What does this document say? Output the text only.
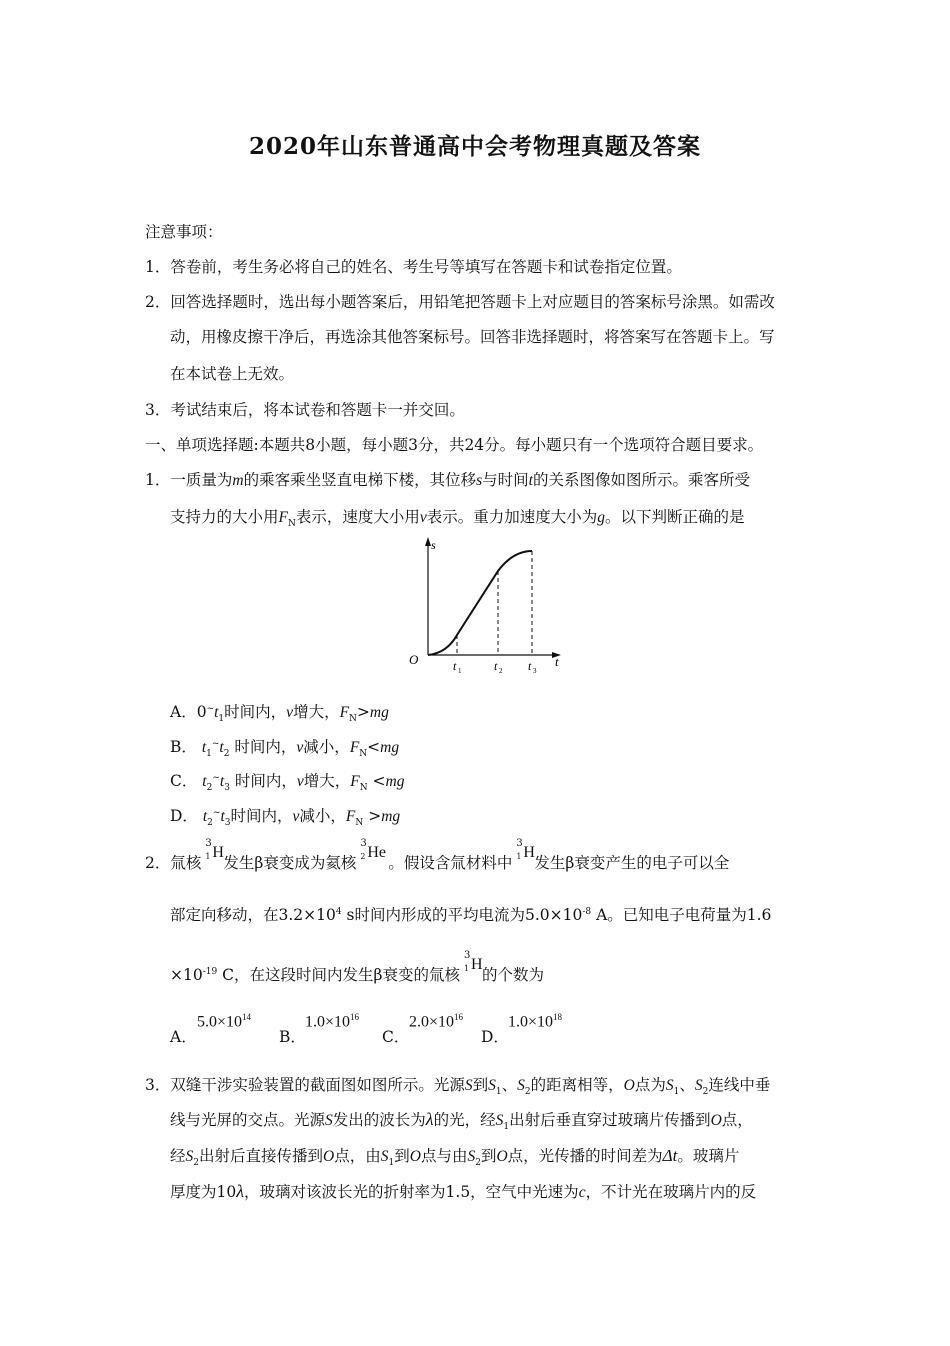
2020年山东普通高中会考物理真题及答案
注意事项：
1．答卷前，考生务必将自己的姓名、考生号等填写在答题卡和试卷指定位置。
2．回答选择题时，选出每小题答案后，用铅笔把答题卡上对应题目的答案标号涂黑。如需改
动，用橡皮擦干净后，再选涂其他答案标号。回答非选择题时，将答案写在答题卡上。写
在本试卷上无效。
3．考试结束后，将本试卷和答题卡一并交回。
一、单项选择题:本题共8小题，每小题3分，共24分。每小题只有一个选项符合题目要求。
1．一质量为m的乘客乘坐竖直电梯下楼，其位移s与时间t的关系图像如图所示。乘客所受
支持力的大小用$F_N$表示，速度大小用v表示。重力加速度大小为g。以下判断正确的是
s
t
O	t 1	t 2 t 3
A．$0^\sim t_1$时间内，v增大，$F_N>mg$
B． $t_1^\sim t_2$ 时间内，v减小，$F_N<mg$
C． $t_2^\sim t_3$ 时间内，v增大，$F_N <mg$
D． $t_2^\sim t_3$时间内，v减小，$F_N >mg$
2．氚核
3
1 H
发生β衰变成为氦核
3
2 He
。假设含氚材料中
3
1 H
发生β衰变产生的电子可以全
部定向移动，在$3.2\times 10^4$ s时间内形成的平均电流为$5.0\times 10^{-8}$ A。已知电子电荷量为1.6
$\times 10^{-19}$ C，在这段时间内发生β衰变的氚核
3
1 H
的个数为
A．
$5.0\times 10^{14}$
B．
$1.0\times 10^{16}$
C．
$2.0\times 10^{16}$
D．
$1.0\times 10^{18}$
3．双缝干涉实验装置的截面图如图所示。光源S到$S_1$、$S_2$的距离相等，O点为$S_1$、$S_2$连线中垂
线与光屏的交点。光源S发出的波长为λ的光，经$S_1$出射后垂直穿过玻璃片传播到O点，
经$S_2$出射后直接传播到O点，由$S_1$到O点与由$S_2$到O点，光传播的时间差为Δt。玻璃片
厚度为10λ，玻璃对该波长光的折射率为1.5，空气中光速为c，不计光在玻璃片内的反
